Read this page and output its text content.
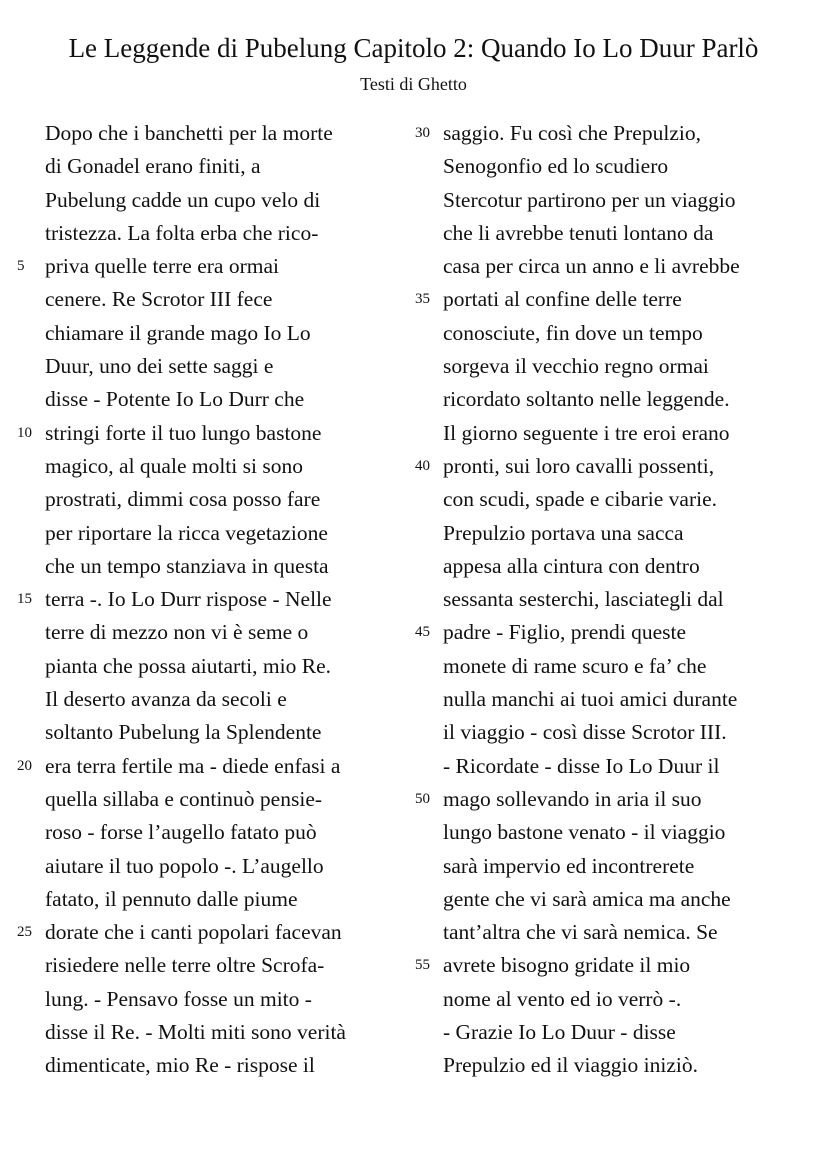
Le Leggende di Pubelung Capitolo 2: Quando Io Lo Duur Parlò
Testi di Ghetto
Dopo che i banchetti per la morte
di Gonadel erano finiti, a
Pubelung cadde un cupo velo di
tristezza. La folta erba che rico-
5 priva quelle terre era ormai
cenere. Re Scrotor III fece
chiamare il grande mago Io Lo
Duur, uno dei sette saggi e
disse - Potente Io Lo Durr che
10 stringi forte il tuo lungo bastone
magico, al quale molti si sono
prostrati, dimmi cosa posso fare
per riportare la ricca vegetazione
che un tempo stanziava in questa
15 terra -. Io Lo Durr rispose - Nelle
terre di mezzo non vi è seme o
pianta che possa aiutarti, mio Re.
Il deserto avanza da secoli e
soltanto Pubelung la Splendente
20 era terra fertile ma - diede enfasi a
quella sillaba e continuò pensie-
roso - forse l’augello fatato può
aiutare il tuo popolo -. L’augello
fatato, il pennuto dalle piume
25 dorate che i canti popolari facevan
risiedere nelle terre oltre Scrofa-
lung. - Pensavo fosse un mito -
disse il Re. - Molti miti sono verità
dimenticate, mio Re - rispose il
30 saggio. Fu così che Prepulzio,
Senogonfio ed lo scudiero
Stercotur partirono per un viaggio
che li avrebbe tenuti lontano da
casa per circa un anno e li avrebbe
35 portati al confine delle terre
conosciute, fin dove un tempo
sorgeva il vecchio regno ormai
ricordato soltanto nelle leggende.
Il giorno seguente i tre eroi erano
40 pronti, sui loro cavalli possenti,
con scudi, spade e cibarie varie.
Prepulzio portava una sacca
appesa alla cintura con dentro
sessanta sesterchi, lasciategli dal
45 padre - Figlio, prendi queste
monete di rame scuro e fa’ che
nulla manchi ai tuoi amici durante
il viaggio - così disse Scrotor III.
- Ricordate - disse Io Lo Duur il
50 mago sollevando in aria il suo
lungo bastone venato - il viaggio
sarà impervio ed incontrerete
gente che vi sarà amica ma anche
tant’altra che vi sarà nemica. Se
55 avrete bisogno gridate il mio
nome al vento ed io verrò -.
- Grazie Io Lo Duur - disse
Prepulzio ed il viaggio iniziò.
